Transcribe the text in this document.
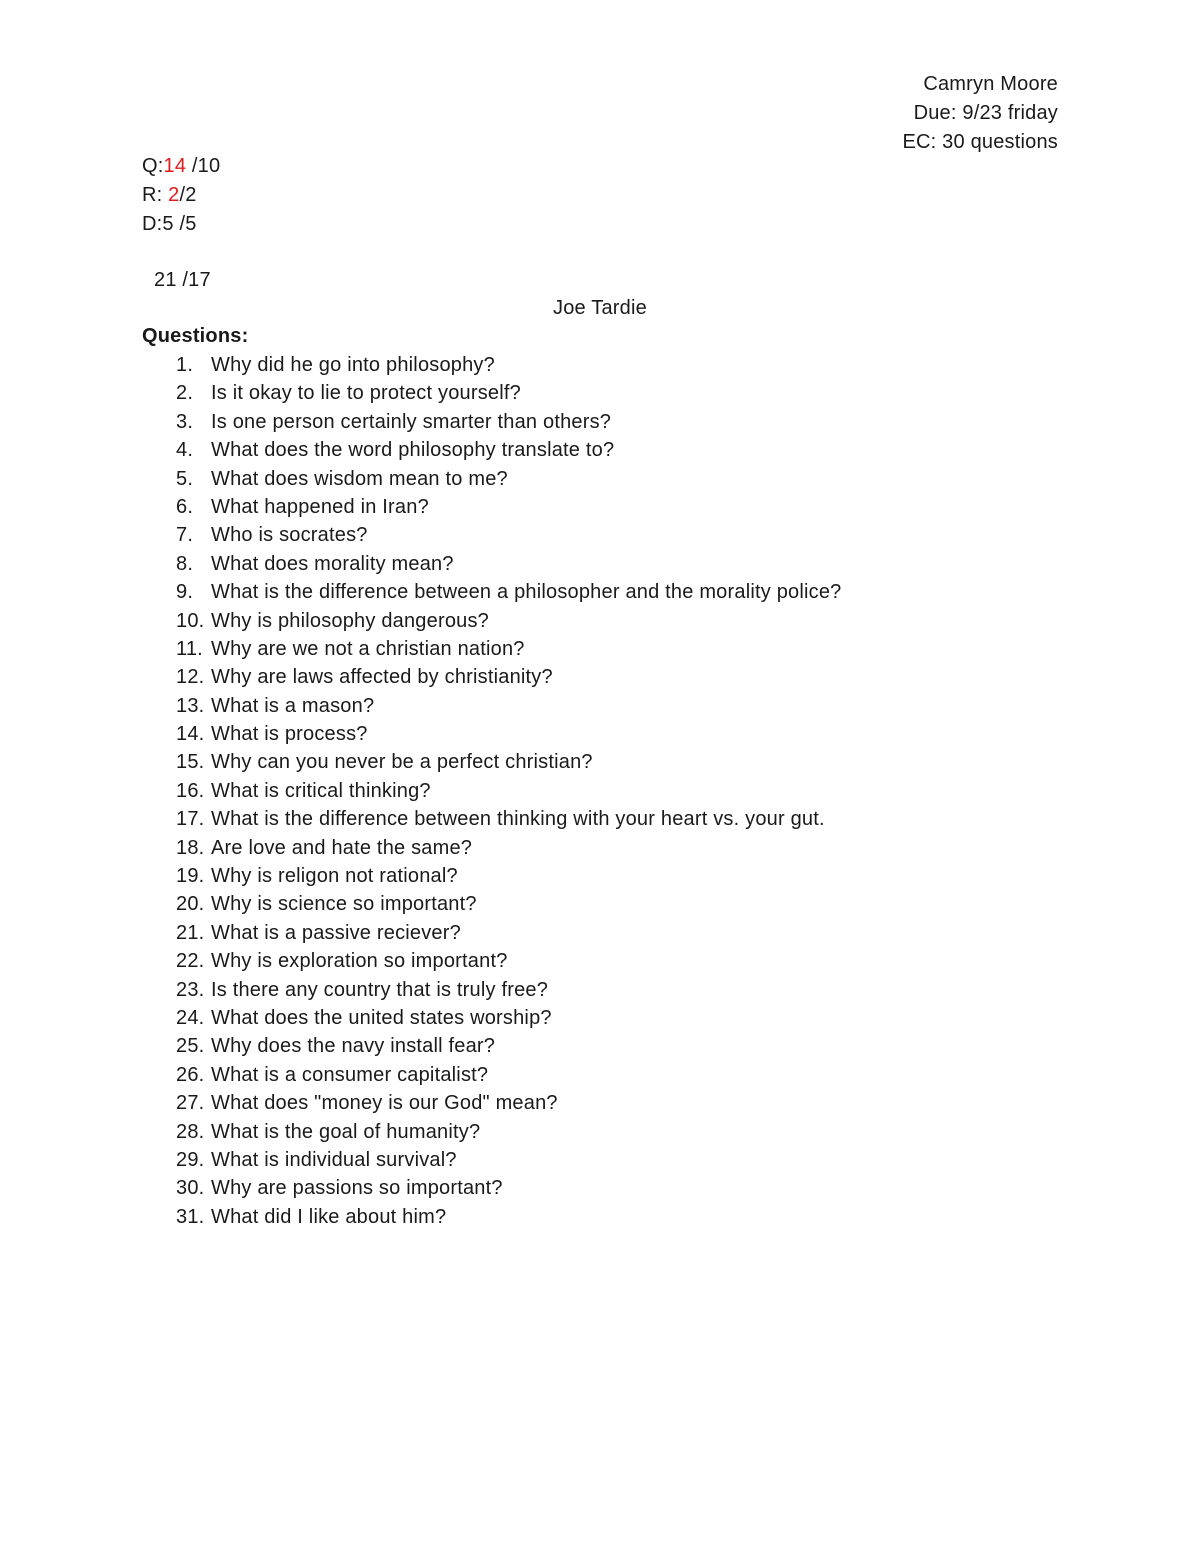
Camryn Moore
Due: 9/23 friday
EC: 30 questions
Q:14 /10
R: 2/2
D:5 /5
21 /17
Joe Tardie
Questions:
1. Why did he go into philosophy?
2. Is it okay to lie to protect yourself?
3. Is one person certainly smarter than others?
4. What does the word philosophy translate to?
5. What does wisdom mean to me?
6. What happened in Iran?
7. Who is socrates?
8. What does morality mean?
9. What is the difference between a philosopher and the morality police?
10. Why is philosophy dangerous?
11. Why are we not a christian nation?
12. Why are laws affected by christianity?
13. What is a mason?
14. What is process?
15. Why can you never be a perfect christian?
16. What is critical thinking?
17. What is the difference between thinking with your heart vs. your gut.
18. Are love and hate the same?
19. Why is religon not rational?
20. Why is science so important?
21. What is a passive reciever?
22. Why is exploration so important?
23. Is there any country that is truly free?
24. What does the united states worship?
25. Why does the navy install fear?
26. What is a consumer capitalist?
27. What does "money is our God" mean?
28. What is the goal of humanity?
29. What is individual survival?
30. Why are passions so important?
31. What did I like about him?
